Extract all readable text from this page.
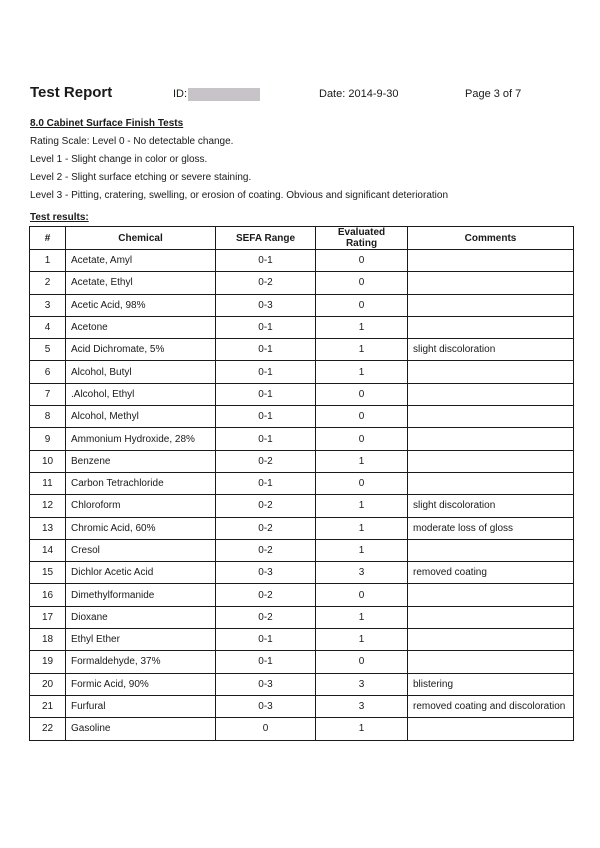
Test Report	ID:	Date: 2014-9-30	Page 3 of 7
8.0 Cabinet Surface Finish Tests
Rating Scale: Level 0 - No detectable change.
Level 1 - Slight change in color or gloss.
Level 2 - Slight surface etching or severe staining.
Level 3 - Pitting, cratering, swelling, or erosion of coating. Obvious and significant deterioration
Test results:
#	Chemical	SEFA Range	Evaluated Rating	Comments
1	Acetate, Amyl	0-1	0	
2	Acetate, Ethyl	0-2	0	
3	Acetic Acid, 98%	0-3	0	
4	Acetone	0-1	1	
5	Acid Dichromate, 5%	0-1	1	slight discoloration
6	Alcohol, Butyl	0-1	1	
7	.Alcohol, Ethyl	0-1	0	
8	Alcohol, Methyl	0-1	0	
9	Ammonium Hydroxide, 28%	0-1	0	
10	Benzene	0-2	1	
11	Carbon Tetrachloride	0-1	0	
12	Chloroform	0-2	1	slight discoloration
13	Chromic Acid, 60%	0-2	1	moderate loss of gloss
14	Cresol	0-2	1	
15	Dichlor Acetic Acid	0-3	3	removed coating
16	Dimethylformanide	0-2	0	
17	Dioxane	0-2	1	
18	Ethyl Ether	0-1	1	
19	Formaldehyde, 37%	0-1	0	
20	Formic Acid, 90%	0-3	3	blistering
21	Furfural	0-3	3	removed coating and discoloration
22	Gasoline	0	1	
